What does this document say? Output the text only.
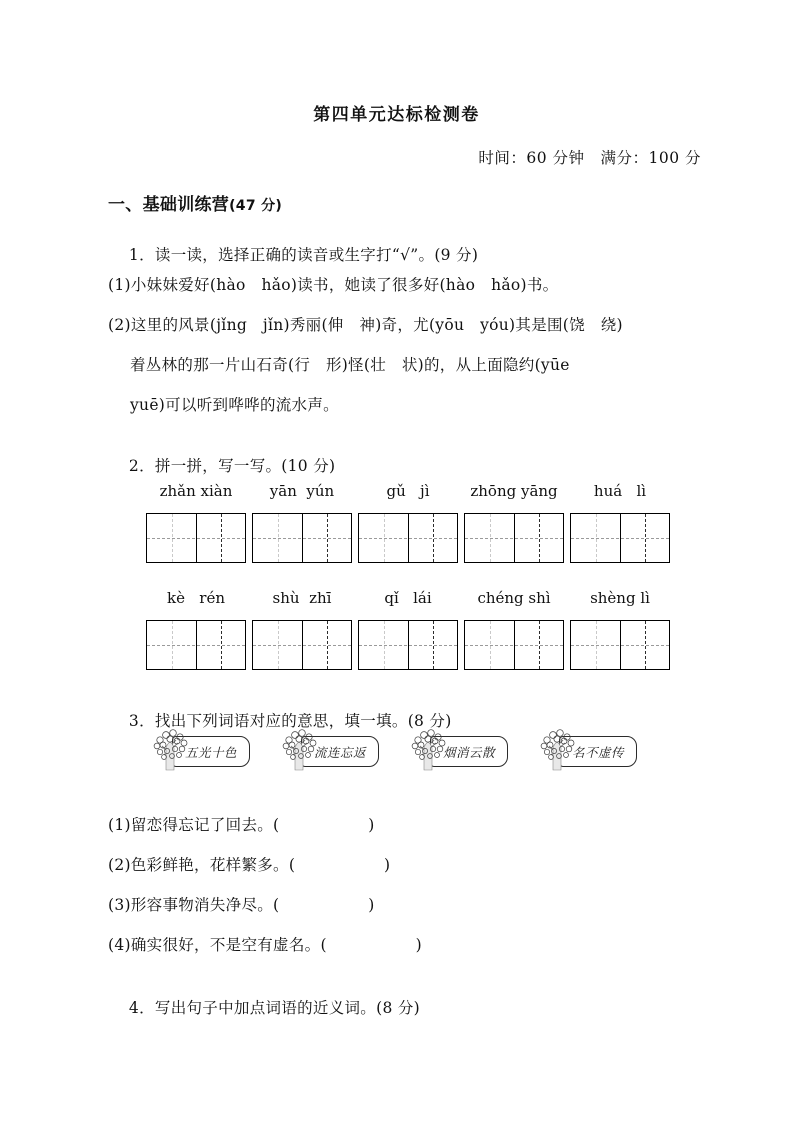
第四单元达标检测卷
时间：60 分钟　满分：100 分
一、基础训练营(47 分)

1．读一读，选择正确的读音或生字打“√”。(9 分)

(1)小妹妹爱好(hào　hǎo)读书，她读了很多好(hào　hǎo)书。
(2)这里的风景(jǐng　jǐn)秀丽(伸　神)奇，尤(yōu　yóu)其是围(饶　绕)
着丛林的那一片山石奇(行　形)怪(壮　状)的，从上面隐约(yūe
yuē)可以听到哗哗的流水声。

2．拼一拼，写一写。(10 分)

zhǎn xiàn	yān  yún	gǔ   jì	zhōng yāng	huá   lì
kè   rén	shù  zhī	qǐ   lái	chéng shì	shèng lì

3．找出下列词语对应的意思，填一填。(8 分)

五光十色	流连忘返	烟消云散	名不虚传
(1)留恋得忘记了回去。(                 )
(2)色彩鲜艳，花样繁多。(                 )
(3)形容事物消失净尽。(                 )
(4)确实很好，不是空有虚名。(                 )

4．写出句子中加点词语的近义词。(8 分)
